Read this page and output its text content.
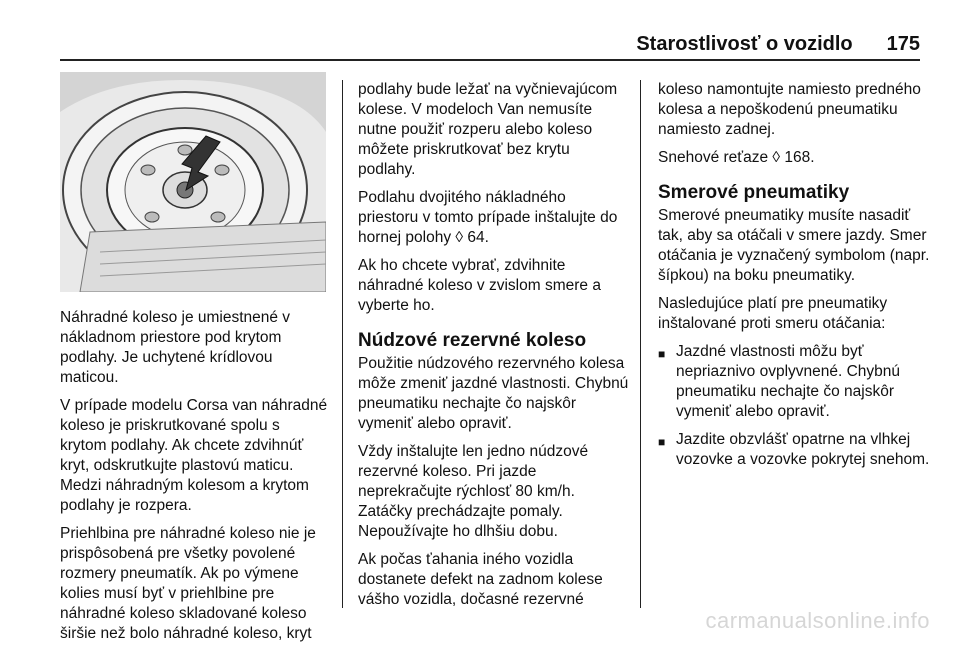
Starostlivosť o vozidlo 175

Náhradné koleso je umiestnené v nákladnom priestore pod krytom podlahy. Je uchytené krídlovou maticou.

V prípade modelu Corsa van náhradné koleso je priskrutkované spolu s krytom podlahy. Ak chcete zdvihnúť kryt, odskrutkujte plastovú maticu. Medzi náhradným kolesom a krytom podlahy je rozpera.

Priehlbina pre náhradné koleso nie je prispôsobená pre všetky povolené rozmery pneumatík. Ak po výmene kolies musí byť v priehlbine pre náhradné koleso skladované koleso širšie než bolo náhradné koleso, kryt

podlahy bude ležať na vyčnievajúcom kolese. V modeloch Van nemusíte nutne použiť rozperu alebo koleso môžete priskrutkovať bez krytu podlahy.

Podlahu dvojitého nákladného priestoru v tomto prípade inštalujte do hornej polohy ◊ 64.

Ak ho chcete vybrať, zdvihnite náhradné koleso v zvislom smere a vyberte ho.

Núdzové rezervné koleso

Použitie núdzového rezervného kolesa môže zmeniť jazdné vlastnosti. Chybnú pneumatiku nechajte čo najskôr vymeniť alebo opraviť.

Vždy inštalujte len jedno núdzové rezervné koleso. Pri jazde neprekračujte rýchlosť 80 km/h. Zatáčky prechádzajte pomaly. Nepoužívajte ho dlhšiu dobu.

Ak počas ťahania iného vozidla dostanete defekt na zadnom kolese vášho vozidla, dočasné rezervné

koleso namontujte namiesto predného kolesa a nepoškodenú pneumatiku namiesto zadnej.

Snehové reťaze ◊ 168.

Smerové pneumatiky

Smerové pneumatiky musíte nasadiť tak, aby sa otáčali v smere jazdy. Smer otáčania je vyznačený symbolom (napr. šípkou) na boku pneumatiky.

Nasledujúce platí pre pneumatiky inštalované proti smeru otáčania:

■ Jazdné vlastnosti môžu byť nepriaznivo ovplyvnené. Chybnú pneumatiku nechajte čo najskôr vymeniť alebo opraviť.
■ Jazdite obzvlášť opatrne na vlhkej vozovke a vozovke pokrytej snehom.
carmanualsonline.info
